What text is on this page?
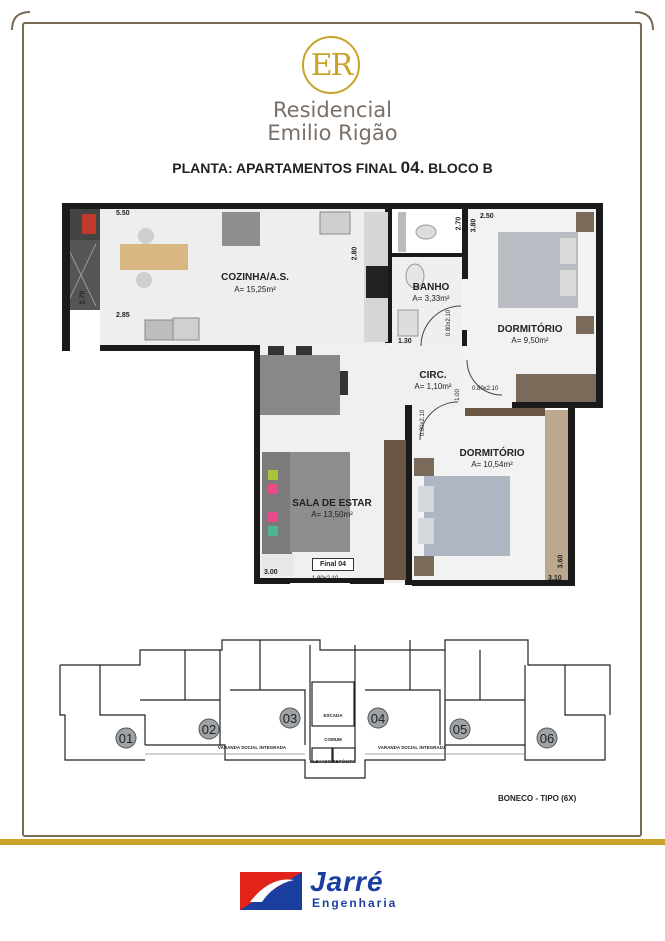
ER
Residencial
Emilio Rigão
PLANTA: APARTAMENTOS FINAL 04. BLOCO B
COZINHA/A.S.
A= 15,25m²	BANHO
A= 3,33m²
DORMITÓRIO
A= 9,50m²
CIRC.
A= 1,10m²
DORMITÓRIO
A= 10,54m²
SALA DE ESTAR
A= 13,50m²
5.50
2.80
2.70
2.85
2.70 3.80
2.50
1.30
0.80x2.10
1.00
0.80x2.10
0.80x2.10
3.00
1.80x2.10	3.10
3.60
Final 04
01
02
03	04
05
06
ESCADA
COMUM
ELEVADOR
DEPÓSITO
VARANDA SOCIAL INTEGRADA	VARANDA SOCIAL INTEGRADA
BONECO - TIPO (6X)
Jarré
Engenharia
